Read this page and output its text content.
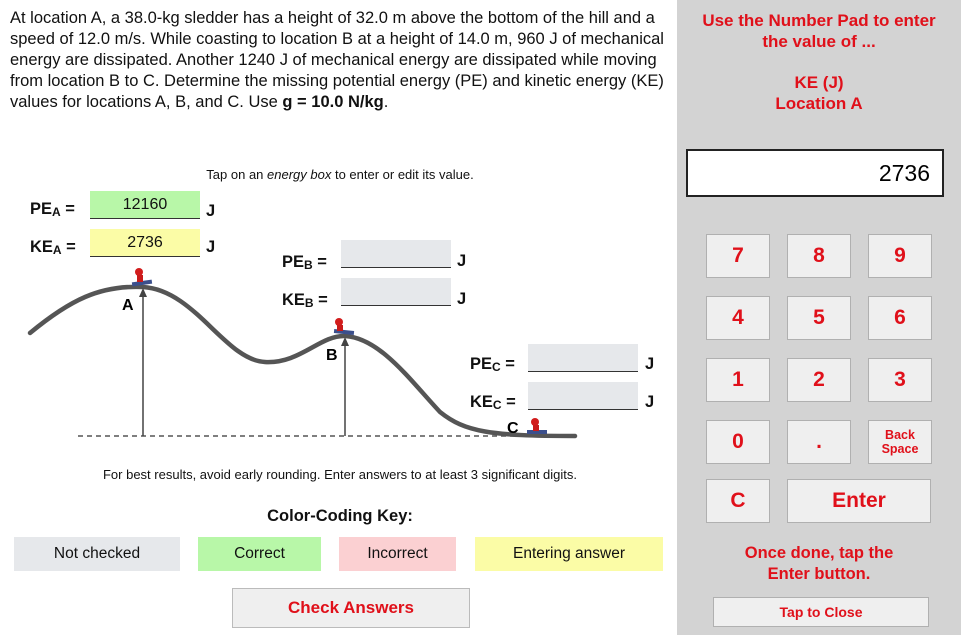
At location A, a 38.0-kg sledder has a height of 32.0 m above the bottom of the hill and a speed of 12.0 m/s. While coasting to location B at a height of 14.0 m, 960 J of mechanical energy are dissipated. Another 1240 J of mechanical energy are dissipated while moving from location B to C. Determine the missing potential energy (PE) and kinetic energy (KE) values for locations A, B, and C. Use g = 10.0 N/kg.

Tap on an energy box to enter or edit its value.
A
B
C
$PE_A$ =	12160	J
$KE_A$ =	2736	J
$PE_B$ =	J
$KE_B$ =	J
$PE_C$ =	J
$KE_C$ =	J
For best results, avoid early rounding. Enter answers to at least 3 significant digits.
Color-Coding Key:
Not checked	Correct	Incorrect	Entering answer
Check Answers
Use the Number Pad to enter
the value of ...
KE (J)
Location A
2736
7	8	9
4	5	6
1	2	3
0	.	Back
Space
C	Enter
Once done, tap the
Enter button.
Tap to Close
